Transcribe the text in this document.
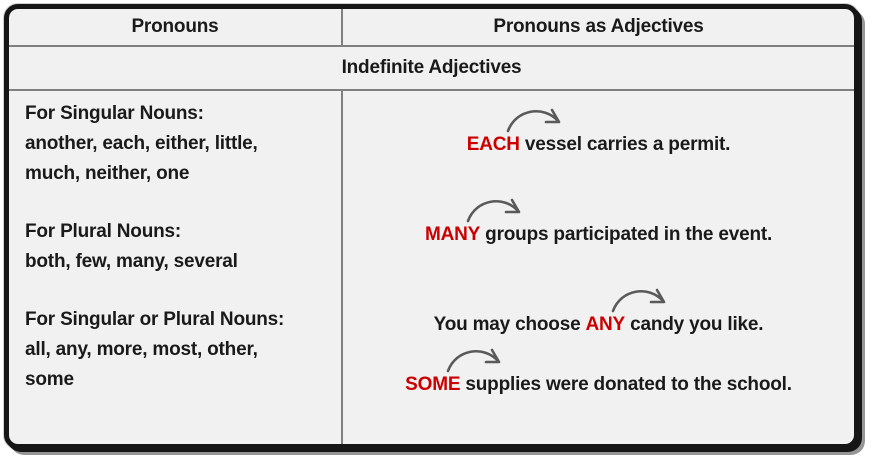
Pronouns	Pronouns as Adjectives
Indefinite Adjectives
For Singular Nouns:
another, each, either, little,
much, neither, one
For Plural Nouns:
both, few, many, several
For Singular or Plural Nouns:
all, any, more, most, other,
some
EACH
vessel carries a permit.
MANY
groups participated in the event.
You may choose ANY
candy you like.
SOME
supplies were donated to the school.
